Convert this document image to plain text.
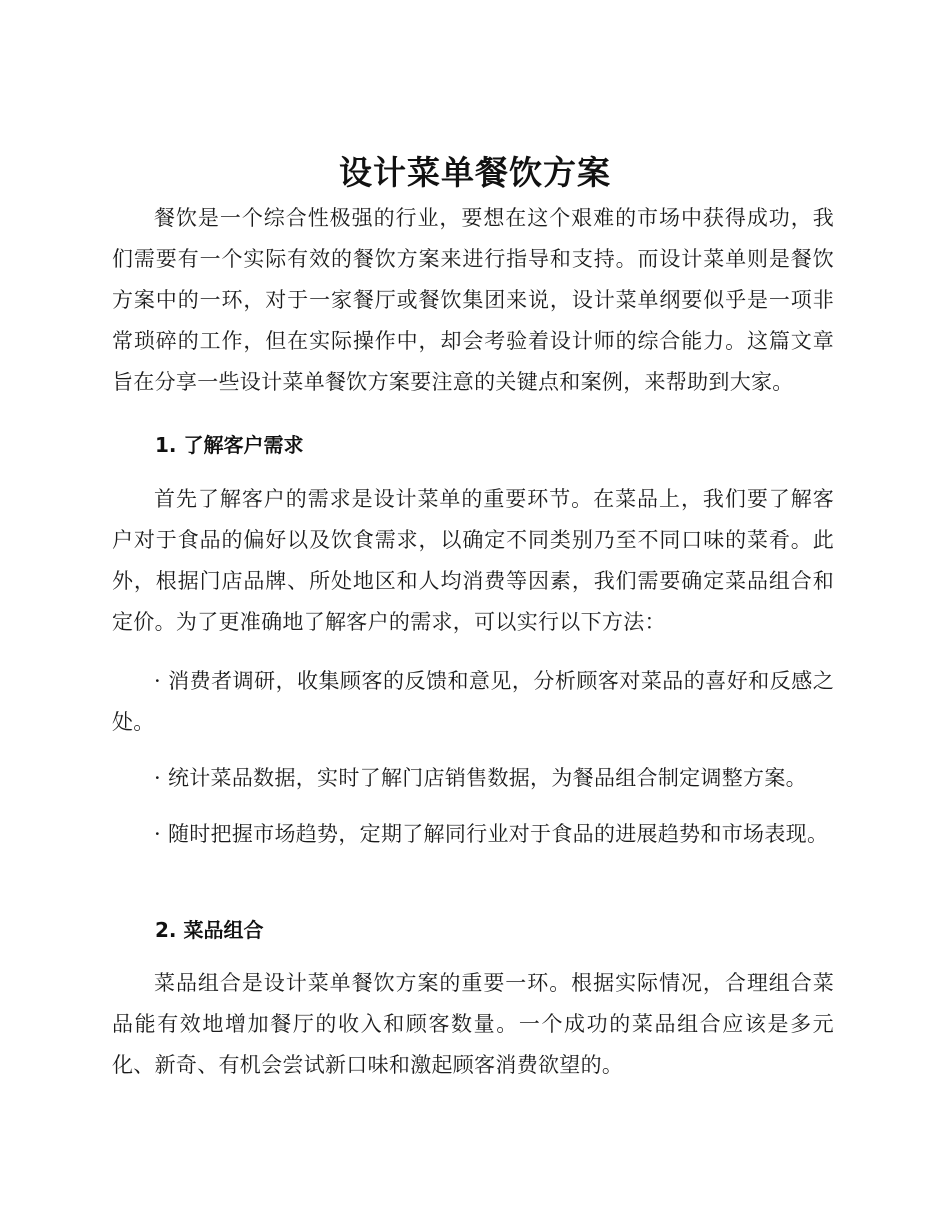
设计菜单餐饮方案

餐饮是一个综合性极强的行业，要想在这个艰难的市场中获得成功，我们需要有一个实际有效的餐饮方案来进行指导和支持。而设计菜单则是餐饮方案中的一环，对于一家餐厅或餐饮集团来说，设计菜单纲要似乎是一项非常琐碎的工作，但在实际操作中，却会考验着设计师的综合能力。这篇文章旨在分享一些设计菜单餐饮方案要注意的关键点和案例，来帮助到大家。

1. 了解客户需求

首先了解客户的需求是设计菜单的重要环节。在菜品上，我们要了解客户对于食品的偏好以及饮食需求，以确定不同类别乃至不同口味的菜肴。此外，根据门店品牌、所处地区和人均消费等因素，我们需要确定菜品组合和定价。为了更准确地了解客户的需求，可以实行以下方法：

· 消费者调研，收集顾客的反馈和意见，分析顾客对菜品的喜好和反感之处。

· 统计菜品数据，实时了解门店销售数据，为餐品组合制定调整方案。

· 随时把握市场趋势，定期了解同行业对于食品的进展趋势和市场表现。

2. 菜品组合

菜品组合是设计菜单餐饮方案的重要一环。根据实际情况，合理组合菜品能有效地增加餐厅的收入和顾客数量。一个成功的菜品组合应该是多元化、新奇、有机会尝试新口味和激起顾客消费欲望的。
